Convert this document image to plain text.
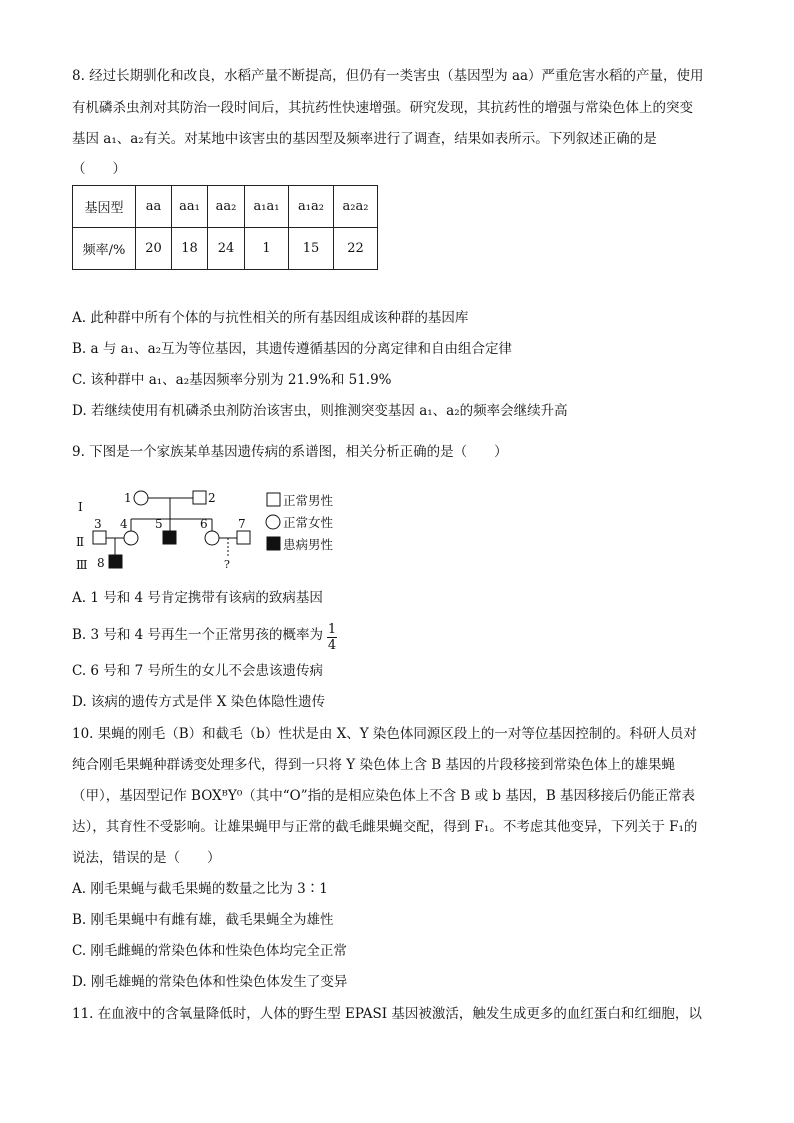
8. 经过长期驯化和改良，水稻产量不断提高，但仍有一类害虫（基因型为 aa）严重危害水稻的产量，使用
有机磷杀虫剂对其防治一段时间后，其抗药性快速增强。研究发现，其抗药性的增强与常染色体上的突变
基因 a₁、a₂有关。对某地中该害虫的基因型及频率进行了调查，结果如表所示。下列叙述正确的是
（　　）
基因型	aa	aa₁	aa₂	a₁a₁	a₁a₂	a₂a₂
频率/%	20	18	24	1	15	22
A. 此种群中所有个体的与抗性相关的所有基因组成该种群的基因库
B. a 与 a₁、a₂互为等位基因，其遗传遵循基因的分离定律和自由组合定律
C. 该种群中 a₁、a₂基因频率分别为 21.9%和 51.9%
D. 若继续使用有机磷杀虫剂防治该害虫，则推测突变基因 a₁、a₂的频率会继续升高
9. 下图是一个家族某单基因遗传病的系谱图，相关分析正确的是（　　）
Ⅰ
Ⅱ
Ⅲ
1	2
3 4 5	6	7
8	?
正常男性
正常女性
患病男性
A. 1 号和 4 号肯定携带有该病的致病基因
B. 3 号和 4 号再生一个正常男孩的概率为 1
4
C. 6 号和 7 号所生的女儿不会患该遗传病
D. 该病的遗传方式是伴 X 染色体隐性遗传
10. 果蝇的刚毛（B）和截毛（b）性状是由 X、Y 染色体同源区段上的一对等位基因控制的。科研人员对
纯合刚毛果蝇种群诱变处理多代，得到一只将 Y 染色体上含 B 基因的片段移接到常染色体上的雄果蝇
（甲），基因型记作 BOXᴮY⁰（其中“O”指的是相应染色体上不含 B 或 b 基因，B 基因移接后仍能正常表
达），其育性不受影响。让雄果蝇甲与正常的截毛雌果蝇交配，得到 F₁。不考虑其他变异，下列关于 F₁的
说法，错误的是（　　）
A. 刚毛果蝇与截毛果蝇的数量之比为 3∶1
B. 刚毛果蝇中有雌有雄，截毛果蝇全为雄性
C. 刚毛雌蝇的常染色体和性染色体均完全正常
D. 刚毛雄蝇的常染色体和性染色体发生了变异
11. 在血液中的含氧量降低时，人体的野生型 EPASI 基因被激活，触发生成更多的血红蛋白和红细胞，以
